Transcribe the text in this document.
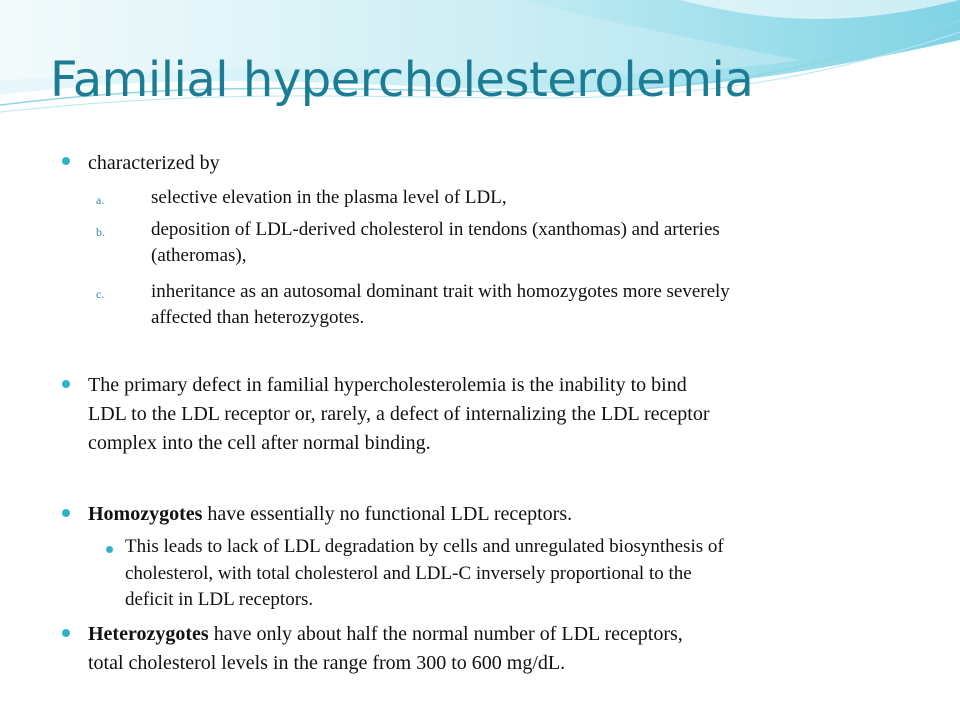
Familial hypercholesterolemia
characterized by
a. selective elevation in the plasma level of LDL,
b. deposition of LDL-derived cholesterol in tendons (xanthomas) and arteries
(atheromas),
c. inheritance as an autosomal dominant trait with homozygotes more severely
affected than heterozygotes.
The primary defect in familial hypercholesterolemia is the inability to bind
LDL to the LDL receptor or, rarely, a defect of internalizing the LDL receptor
complex into the cell after normal binding.
Homozygotes have essentially no functional LDL receptors.
This leads to lack of LDL degradation by cells and unregulated biosynthesis of
cholesterol, with total cholesterol and LDL-C inversely proportional to the
deficit in LDL receptors.
Heterozygotes have only about half the normal number of LDL receptors,
total cholesterol levels in the range from 300 to 600 mg/dL.
